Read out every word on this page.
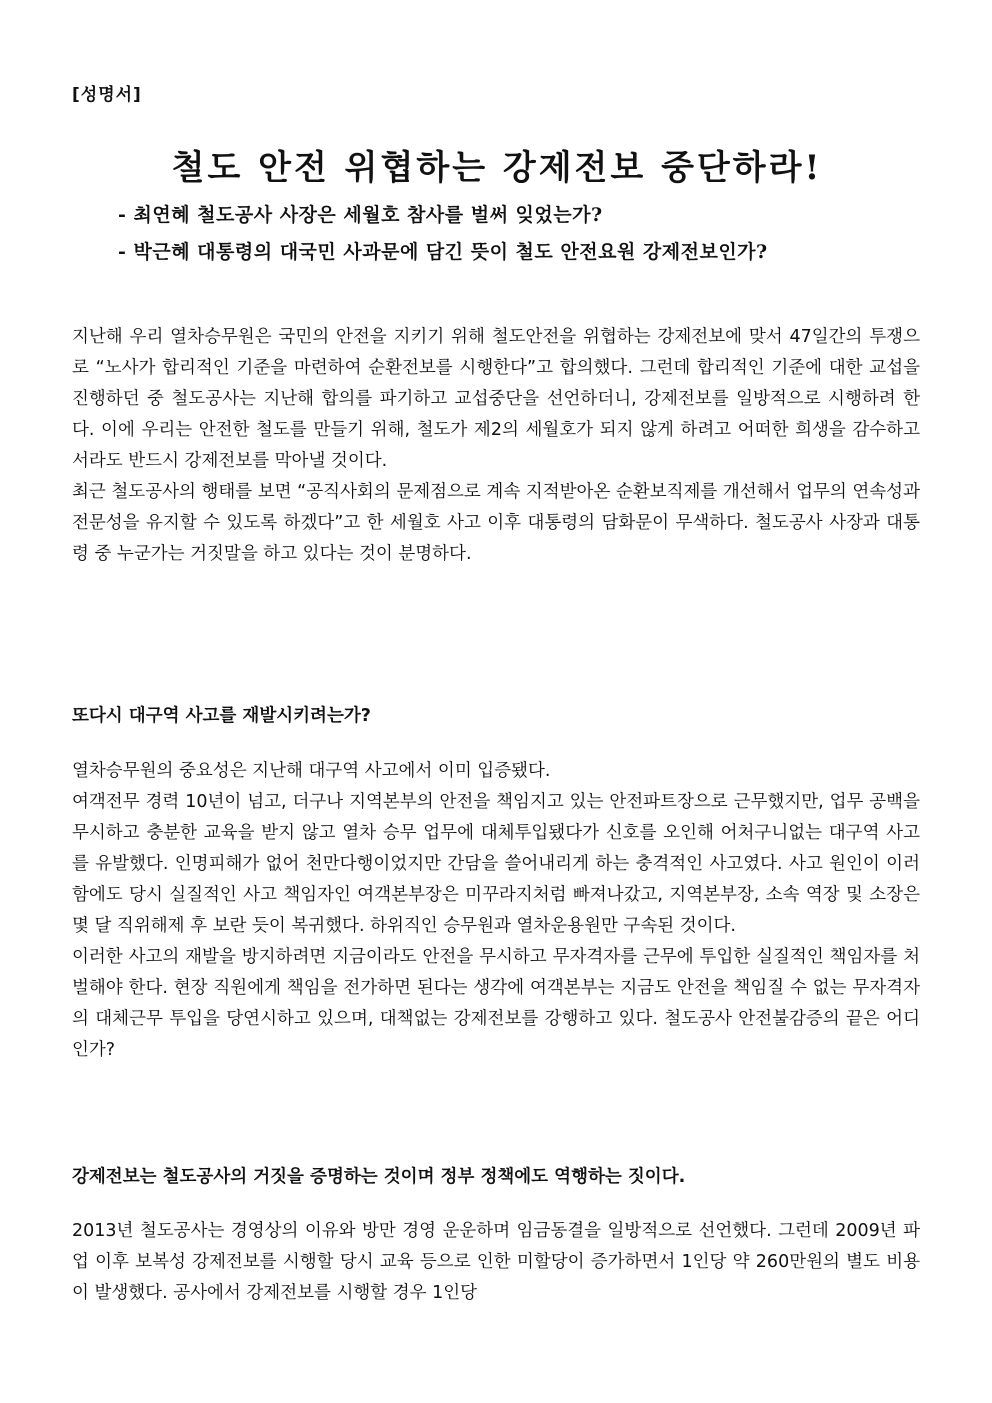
[성명서]
철도 안전 위협하는 강제전보 중단하라!
- 최연혜 철도공사 사장은 세월호 참사를 벌써 잊었는가?
- 박근혜 대통령의 대국민 사과문에 담긴 뜻이 철도 안전요원 강제전보인가?

지난해 우리 열차승무원은 국민의 안전을 지키기 위해 철도안전을 위협하는 강제전보에 맞서 47일간의 투쟁으로 “노사가 합리적인 기준을 마련하여 순환전보를 시행한다”고 합의했다. 그런데 합리적인 기준에 대한 교섭을 진행하던 중 철도공사는 지난해 합의를 파기하고 교섭중단을 선언하더니, 강제전보를 일방적으로 시행하려 한다. 이에 우리는 안전한 철도를 만들기 위해, 철도가 제2의 세월호가 되지 않게 하려고 어떠한 희생을 감수하고서라도 반드시 강제전보를 막아낼 것이다.
최근 철도공사의 행태를 보면 “공직사회의 문제점으로 계속 지적받아온 순환보직제를 개선해서 업무의 연속성과 전문성을 유지할 수 있도록 하겠다”고 한 세월호 사고 이후 대통령의 담화문이 무색하다. 철도공사 사장과 대통령 중 누군가는 거짓말을 하고 있다는 것이 분명하다.

또다시 대구역 사고를 재발시키려는가?

열차승무원의 중요성은 지난해 대구역 사고에서 이미 입증됐다.
여객전무 경력 10년이 넘고, 더구나 지역본부의 안전을 책임지고 있는 안전파트장으로 근무했지만, 업무 공백을 무시하고 충분한 교육을 받지 않고 열차 승무 업무에 대체투입됐다가 신호를 오인해 어처구니없는 대구역 사고를 유발했다. 인명피해가 없어 천만다행이었지만 간담을 쓸어내리게 하는 충격적인 사고였다. 사고 원인이 이러함에도 당시 실질적인 사고 책임자인 여객본부장은 미꾸라지처럼 빠져나갔고, 지역본부장, 소속 역장 및 소장은 몇 달 직위해제 후 보란 듯이 복귀했다. 하위직인 승무원과 열차운용원만 구속된 것이다.
이러한 사고의 재발을 방지하려면 지금이라도 안전을 무시하고 무자격자를 근무에 투입한 실질적인 책임자를 처벌해야 한다. 현장 직원에게 책임을 전가하면 된다는 생각에 여객본부는 지금도 안전을 책임질 수 없는 무자격자의 대체근무 투입을 당연시하고 있으며, 대책없는 강제전보를 강행하고 있다. 철도공사 안전불감증의 끝은 어디인가?

강제전보는 철도공사의 거짓을 증명하는 것이며 정부 정책에도 역행하는 짓이다.

2013년 철도공사는 경영상의 이유와 방만 경영 운운하며 임금동결을 일방적으로 선언했다. 그런데 2009년 파업 이후 보복성 강제전보를 시행할 당시 교육 등으로 인한 미할당이 증가하면서 1인당 약 260만원의 별도 비용이 발생했다. 공사에서 강제전보를 시행할 경우 1인당
